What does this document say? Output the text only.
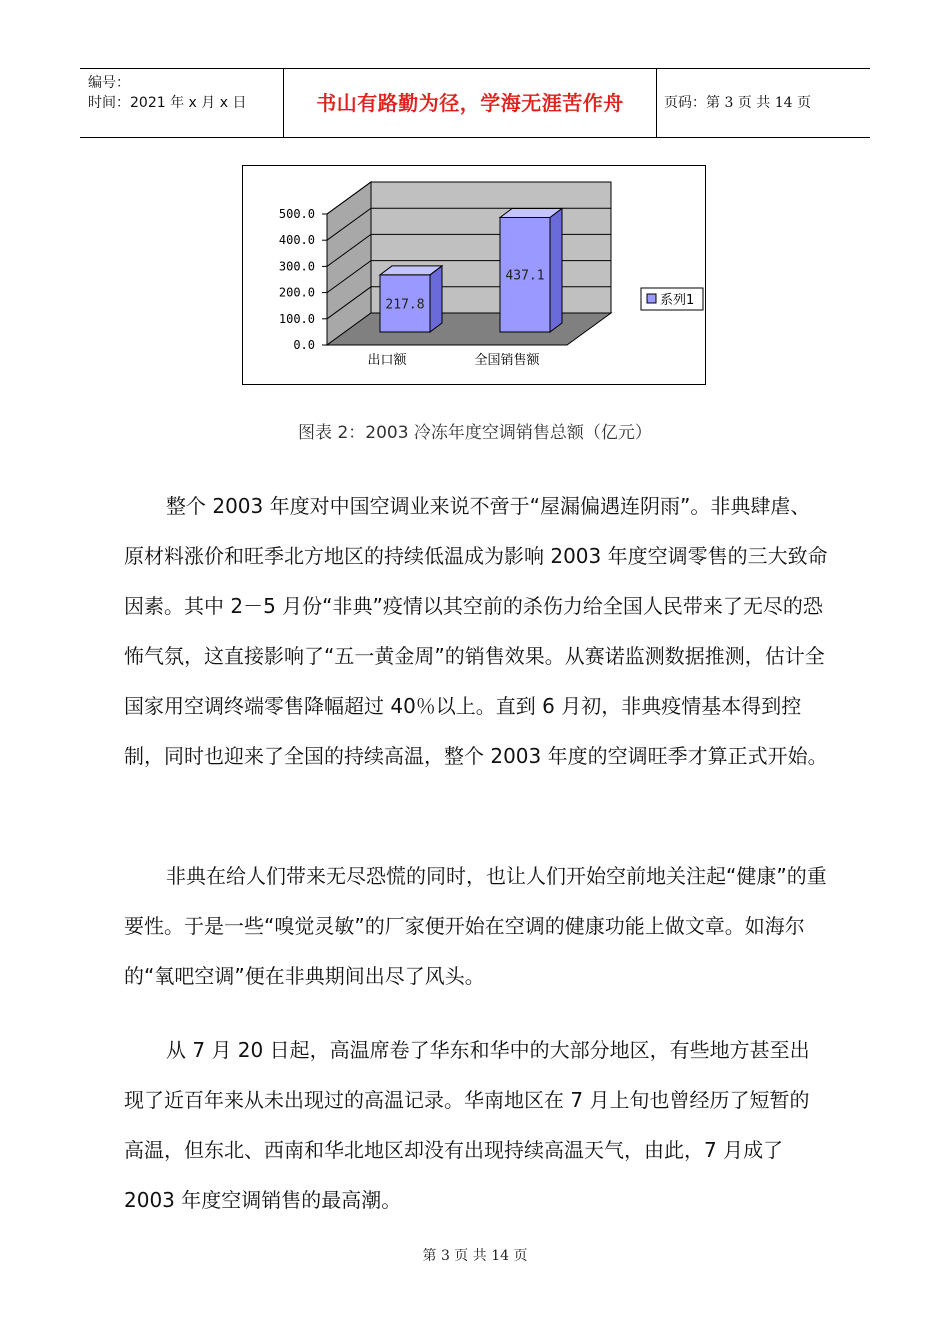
编号：
时间：2021 年 x 月 x 日	书山有路勤为径，学海无涯苦作舟	页码：第 3 页 共 14 页
0.0
100.0
200.0
300.0
400.0
500.0
217.8
437.1
出口额	全国销售额
系列1
图表 2：2003 冷冻年度空调销售总额（亿元）

整个 2003 年度对中国空调业来说不啻于“屋漏偏遇连阴雨”。非典肆虐、原材料涨价和旺季北方地区的持续低温成为影响 2003 年度空调零售的三大致命因素。其中 2－5 月份“非典”疫情以其空前的杀伤力给全国人民带来了无尽的恐怖气氛，这直接影响了“五一黄金周”的销售效果。从赛诺监测数据推测，估计全国家用空调终端零售降幅超过 40％以上。直到 6 月初，非典疫情基本得到控制，同时也迎来了全国的持续高温，整个 2003 年度的空调旺季才算正式开始。

非典在给人们带来无尽恐慌的同时，也让人们开始空前地关注起“健康”的重要性。于是一些“嗅觉灵敏”的厂家便开始在空调的健康功能上做文章。如海尔的“氧吧空调”便在非典期间出尽了风头。

从 7 月 20 日起，高温席卷了华东和华中的大部分地区，有些地方甚至出现了近百年来从未出现过的高温记录。华南地区在 7 月上旬也曾经历了短暂的高温，但东北、西南和华北地区却没有出现持续高温天气，由此，7 月成了 2003 年度空调销售的最高潮。

第 3 页 共 14 页
